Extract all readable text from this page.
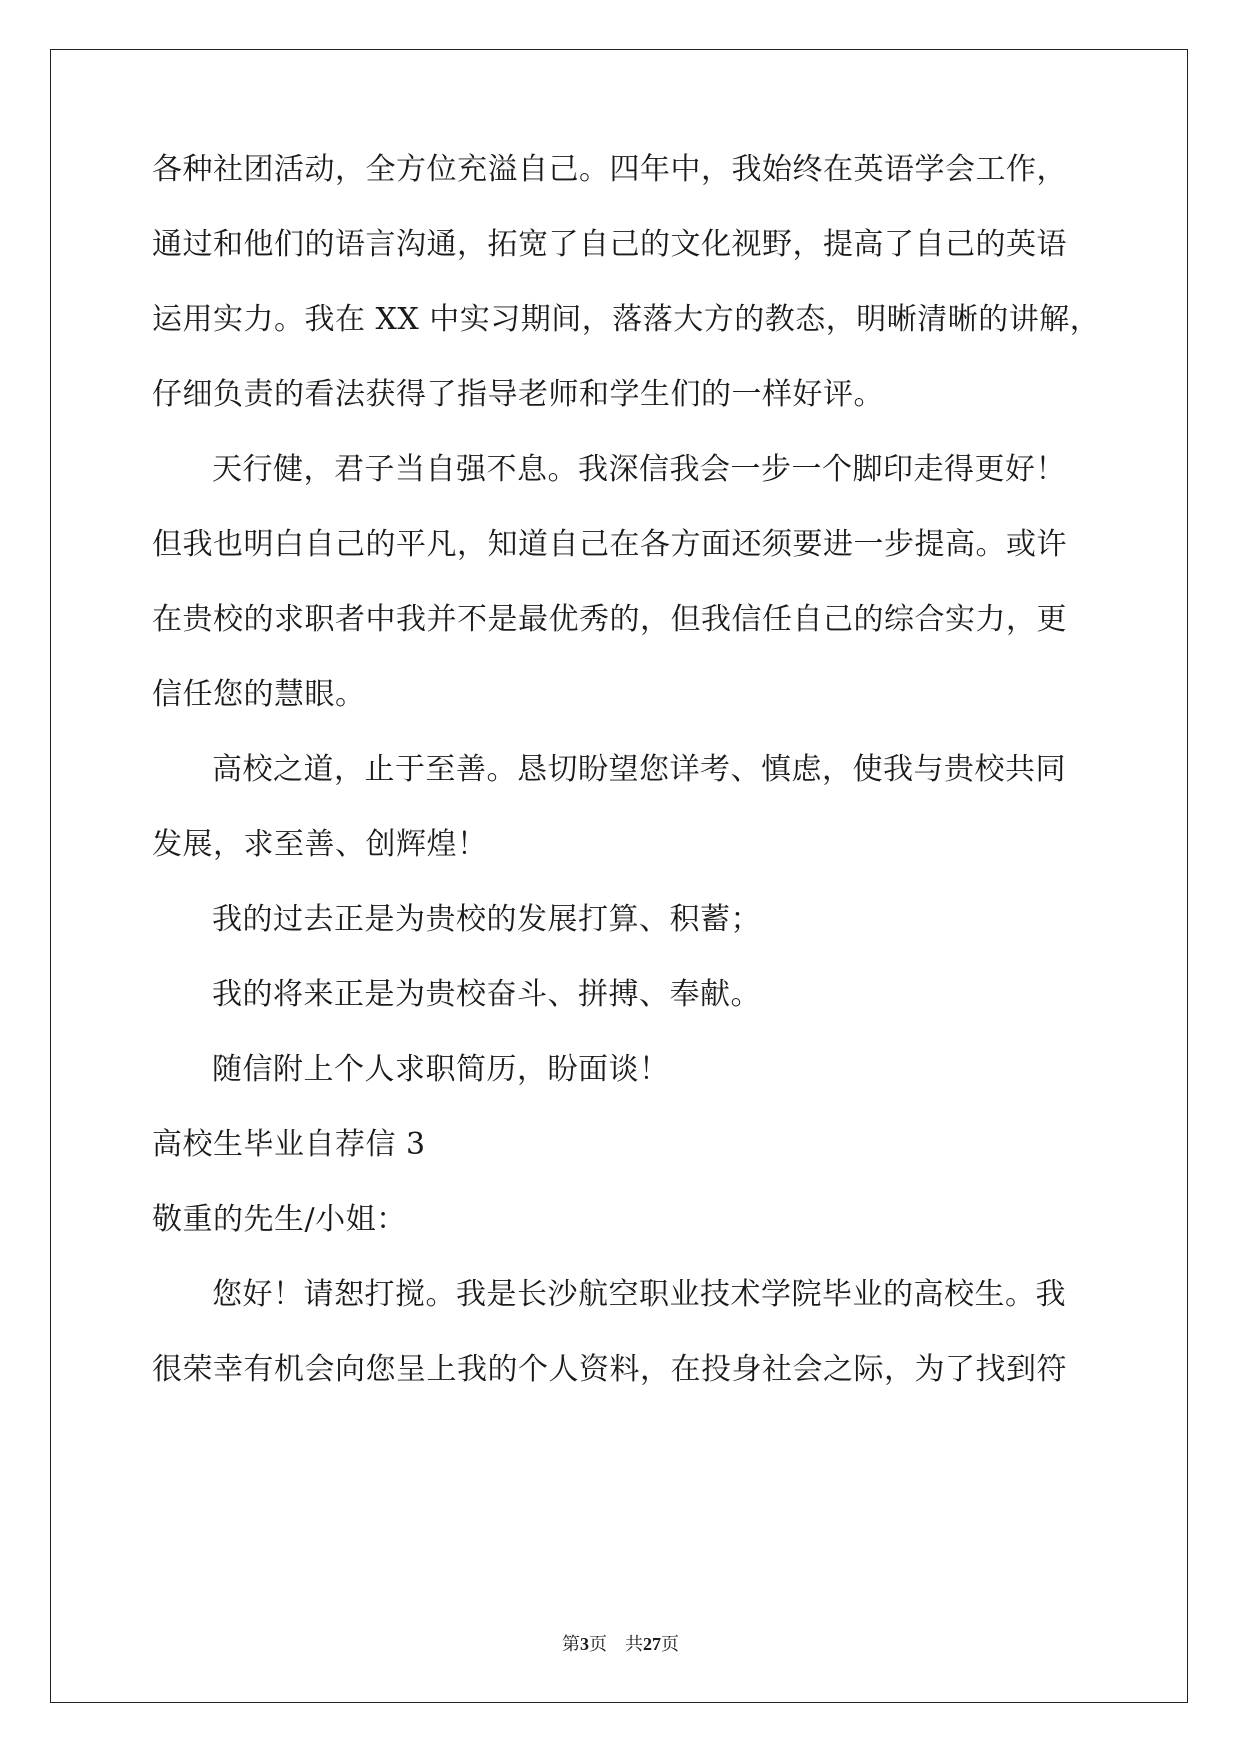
各种社团活动，全方位充溢自己。四年中，我始终在英语学会工作，
通过和他们的语言沟通，拓宽了自己的文化视野，提高了自己的英语
运用实力。我在 XX 中实习期间，落落大方的教态，明晰清晰的讲解，
仔细负责的看法获得了指导老师和学生们的一样好评。
天行健，君子当自强不息。我深信我会一步一个脚印走得更好！
但我也明白自己的平凡，知道自己在各方面还须要进一步提高。或许
在贵校的求职者中我并不是最优秀的，但我信任自己的综合实力，更
信任您的慧眼。
高校之道，止于至善。恳切盼望您详考、慎虑，使我与贵校共同
发展，求至善、创辉煌！
我的过去正是为贵校的发展打算、积蓄；
我的将来正是为贵校奋斗、拼搏、奉献。
随信附上个人求职简历，盼面谈！
高校生毕业自荐信 3
敬重的先生/小姐：
您好！请恕打搅。我是长沙航空职业技术学院毕业的高校生。我
很荣幸有机会向您呈上我的个人资料，在投身社会之际，为了找到符
第3页 共27页
